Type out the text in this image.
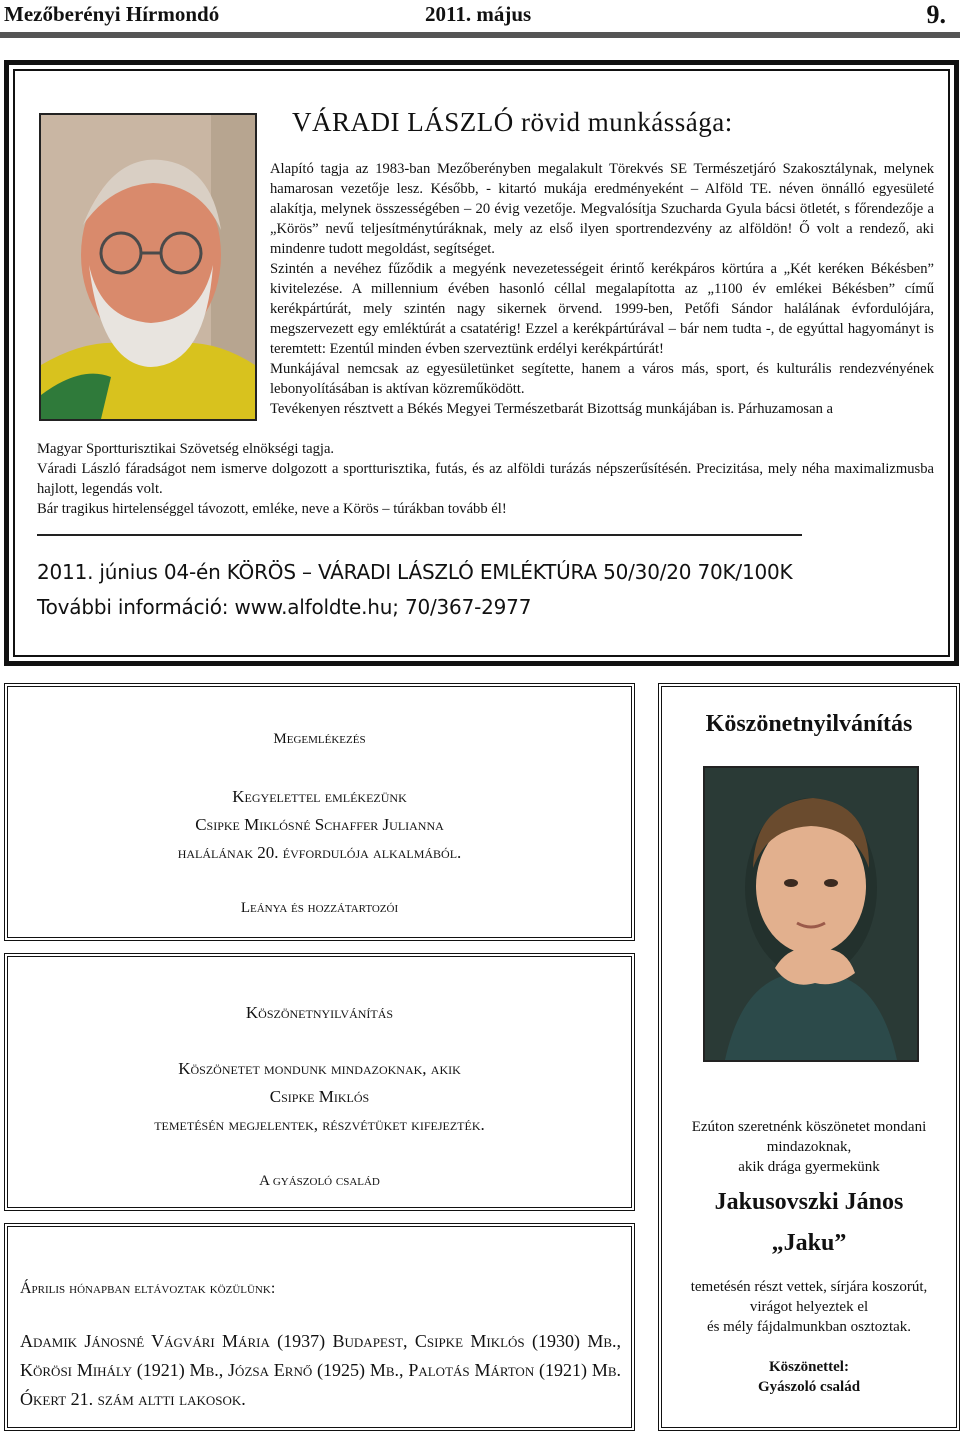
Mezőberényi Hírmondó	2011. május	9.
VÁRADI LÁSZLÓ rövid munkássága:

Alapító tagja az 1983-ban Mezőberényben megalakult Törekvés SE Természetjáró Szakosztálynak, melynek hamarosan vezetője lesz. Később, - kitartó mukája eredményeként – Alföld TE. néven önnálló egyesületé alakítja, melynek összességében – 20 évig vezetője. Megvalósítja Szucharda Gyula bácsi ötletét, s főrendezője a „Körös” nevű teljesítménytúráknak, mely az első ilyen sportrendezvény az alföldön! Ő volt a rendező, aki mindenre tudott megoldást, segítséget.
Szintén a nevéhez fűződik a megyénk nevezetességeit érintő kerékpáros körtúra a „Két keréken Békésben” kivitelezése. A millennium évében hasonló céllal megalapította az „1100 év emlékei Békésben” című kerékpártúrát, mely szintén nagy sikernek örvend. 1999-ben, Petőfi Sándor halálának évfordulójára, megszervezett egy emléktúrát a csatatérig! Ezzel a kerékpártúrával – bár nem tudta -, de egyúttal hagyományt is teremtett: Ezentúl minden évben szerveztünk erdélyi kerékpártúrát!
Munkájával nemcsak az egyesületünket segítette, hanem a város más, sport, és kulturális rendezvényének lebonyolításában is aktívan közreműködött.
Tevékenyen résztvett a Békés Megyei Természetbarát Bizottság munkájában is. Párhuzamosan a

Magyar Sportturisztikai Szövetség elnökségi tagja.

Váradi László fáradságot nem ismerve dolgozott a sportturisztika, futás, és az alföldi turázás népszerűsítésén. Precizitása, mely néha maximalizmusba hajlott, legendás volt.

Bár tragikus hirtelenséggel távozott, emléke, neve a Körös – túrákban tovább él!

2011. június 04-én KÖRÖS – VÁRADI LÁSZLÓ EMLÉKTÚRA 50/30/20 70K/100K
További információ: www.alfoldte.hu; 70/367-2977
Megemlékezés
Kegyelettel emlékezünk
Csipke Miklósné Schaffer Julianna
halálának 20. évfordulója alkalmából.
Leánya és hozzátartozói
Köszönetnyilvánítás
Köszönetet mondunk mindazoknak, akik
Csipke Miklós
temetésén megjelentek, részvétüket kifejezték.
A gyászoló család
Április hónapban eltávoztak közülünk:
Adamik Jánosné Vágvári Mária (1937) Budapest, Csipke Miklós (1930) Mb., Körösi Mihály (1921) Mb., Józsa Ernő (1925) Mb., Palotás Márton (1921) Mb. Ókert 21. szám altti lakosok.
Köszönetnyilvánítás
Ezúton szeretnénk köszönetet mondani
mindazoknak,
akik drága gyermekünk
Jakusovszki János
„Jaku”
temetésén részt vettek, sírjára koszorút,
virágot helyeztek el
és mély fájdalmunkban osztoztak.
Köszönettel:
Gyászoló család
